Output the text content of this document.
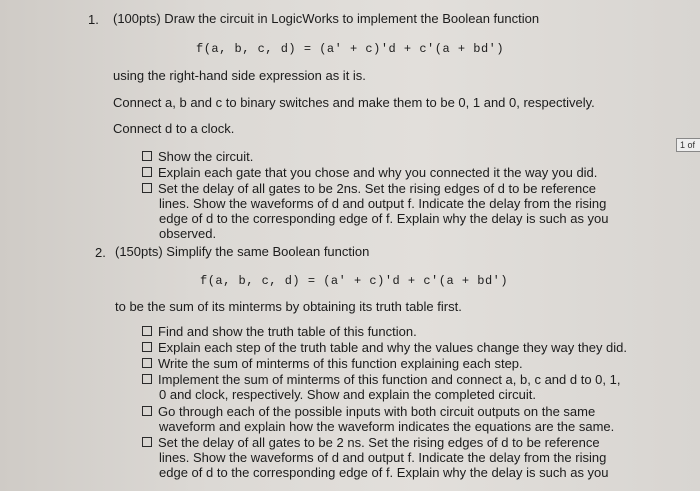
1. (100pts) Draw the circuit in LogicWorks to implement the Boolean function
f(a, b, c, d) = (a' + c)'d + c'(a + bd')
using the right-hand side expression as it is.
Connect a, b and c to binary switches and make them to be 0, 1 and 0, respectively.
Connect d to a clock.
Show the circuit.
Explain each gate that you chose and why you connected it the way you did.
Set the delay of all gates to be 2ns. Set the rising edges of d to be reference
lines. Show the waveforms of d and output f. Indicate the delay from the rising
edge of d to the corresponding edge of f. Explain why the delay is such as you
observed.
2. (150pts) Simplify the same Boolean function
f(a, b, c, d) = (a' + c)'d + c'(a + bd')
to be the sum of its minterms by obtaining its truth table first.
Find and show the truth table of this function.
Explain each step of the truth table and why the values change they way they did.
Write the sum of minterms of this function explaining each step.
Implement the sum of minterms of this function and connect a, b, c and d to 0, 1,
0 and clock, respectively. Show and explain the completed circuit.
Go through each of the possible inputs with both circuit outputs on the same
waveform and explain how the waveform indicates the equations are the same.
Set the delay of all gates to be 2 ns. Set the rising edges of d to be reference
lines. Show the waveforms of d and output f. Indicate the delay from the rising
edge of d to the corresponding edge of f. Explain why the delay is such as you
1 of
